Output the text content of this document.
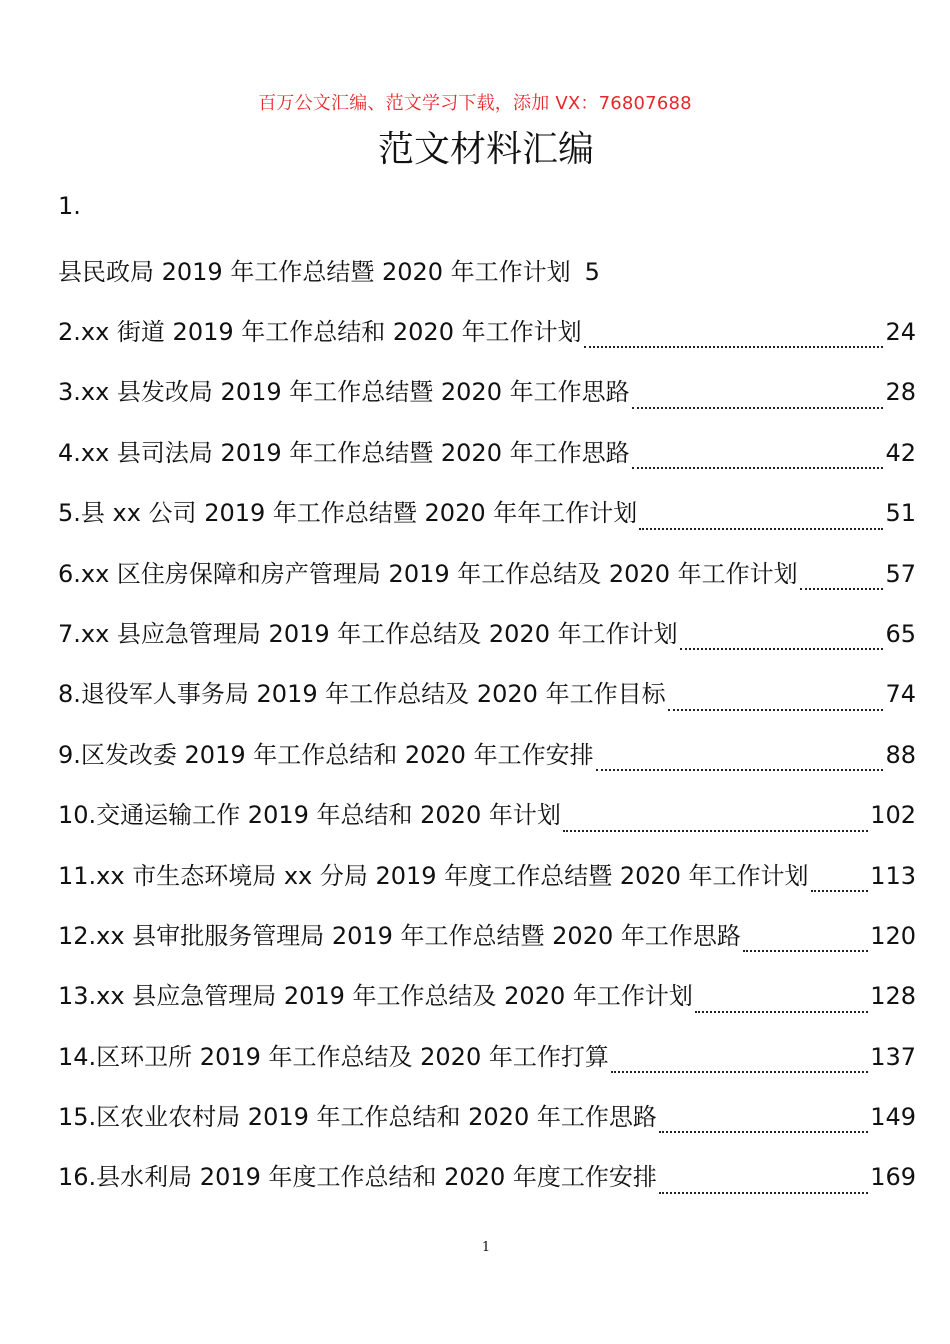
百万公文汇编、范文学习下载，添加 VX：76807688
范文材料汇编
1.
县民政局 2019 年工作总结暨 2020 年工作计划 5
2.xx 街道 2019 年工作总结和 2020 年工作计划	24
3.xx 县发改局 2019 年工作总结暨 2020 年工作思路	28
4.xx 县司法局 2019 年工作总结暨 2020 年工作思路	42
5.县 xx 公司 2019 年工作总结暨 2020 年年工作计划	51
6.xx 区住房保障和房产管理局 2019 年工作总结及 2020 年工作计划	57
7.xx 县应急管理局 2019 年工作总结及 2020 年工作计划	65
8.退役军人事务局 2019 年工作总结及 2020 年工作目标	74
9.区发改委 2019 年工作总结和 2020 年工作安排	88
10.交通运输工作 2019 年总结和 2020 年计划	102
11.xx 市生态环境局 xx 分局 2019 年度工作总结暨 2020 年工作计划	113
12.xx 县审批服务管理局 2019 年工作总结暨 2020 年工作思路	120
13.xx 县应急管理局 2019 年工作总结及 2020 年工作计划	128
14.区环卫所 2019 年工作总结及 2020 年工作打算	137
15.区农业农村局 2019 年工作总结和 2020 年工作思路	149
16.县水利局 2019 年度工作总结和 2020 年度工作安排	169
1
